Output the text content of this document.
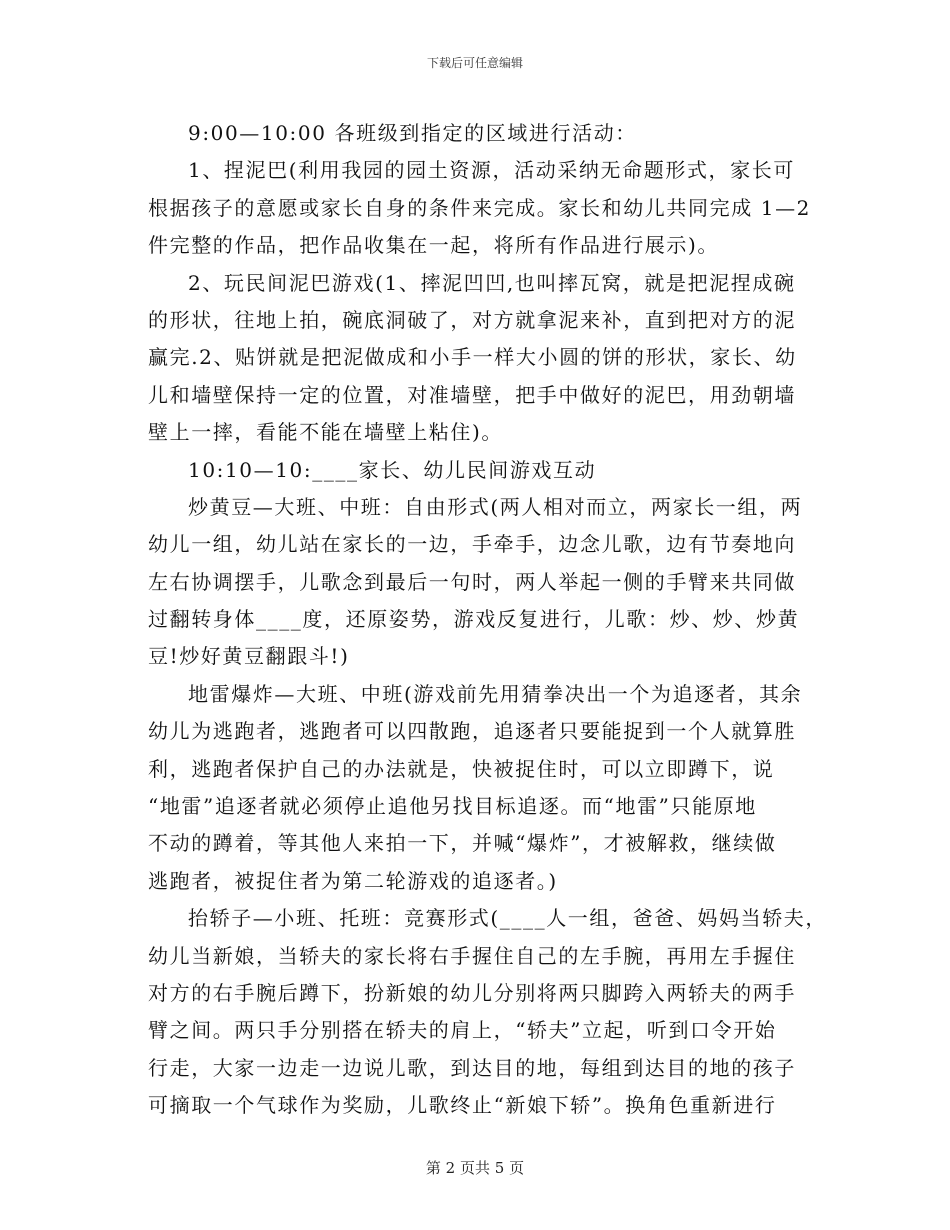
下载后可任意编辑
9:00—10:00 各班级到指定的区域进行活动：
1、捏泥巴(利用我园的园土资源，活动采纳无命题形式，家长可
根据孩子的意愿或家长自身的条件来完成。家长和幼儿共同完成 1—2
件完整的作品，把作品收集在一起，将所有作品进行展示)。
2、玩民间泥巴游戏(1、摔泥凹凹,也叫摔瓦窝，就是把泥捏成碗
的形状，往地上拍，碗底洞破了，对方就拿泥来补，直到把对方的泥
赢完.2、贴饼就是把泥做成和小手一样大小圆的饼的形状，家长、幼
儿和墙壁保持一定的位置，对准墙壁，把手中做好的泥巴，用劲朝墙
壁上一摔，看能不能在墙壁上粘住)。
10:10—10:____家长、幼儿民间游戏互动
炒黄豆—大班、中班：自由形式(两人相对而立，两家长一组，两
幼儿一组，幼儿站在家长的一边，手牵手，边念儿歌，边有节奏地向
左右协调摆手，儿歌念到最后一句时，两人举起一侧的手臂来共同做
过翻转身体____度，还原姿势，游戏反复进行，儿歌：炒、炒、炒黄
豆!炒好黄豆翻跟斗!)
地雷爆炸—大班、中班(游戏前先用猜拳决出一个为追逐者，其余
幼儿为逃跑者，逃跑者可以四散跑，追逐者只要能捉到一个人就算胜
利，逃跑者保护自己的办法就是，快被捉住时，可以立即蹲下，说
“地雷”追逐者就必须停止追他另找目标追逐。而“地雷”只能原地
不动的蹲着，等其他人来拍一下，并喊“爆炸”，才被解救，继续做
逃跑者，被捉住者为第二轮游戏的追逐者。)
抬轿子—小班、托班：竞赛形式(____人一组，爸爸、妈妈当轿夫，
幼儿当新娘，当轿夫的家长将右手握住自己的左手腕，再用左手握住
对方的右手腕后蹲下，扮新娘的幼儿分别将两只脚跨入两轿夫的两手
臂之间。两只手分别搭在轿夫的肩上，“轿夫”立起，听到口令开始
行走，大家一边走一边说儿歌，到达目的地，每组到达目的地的孩子
可摘取一个气球作为奖励，儿歌终止“新娘下轿”。换角色重新进行
第 2 页共 5 页
